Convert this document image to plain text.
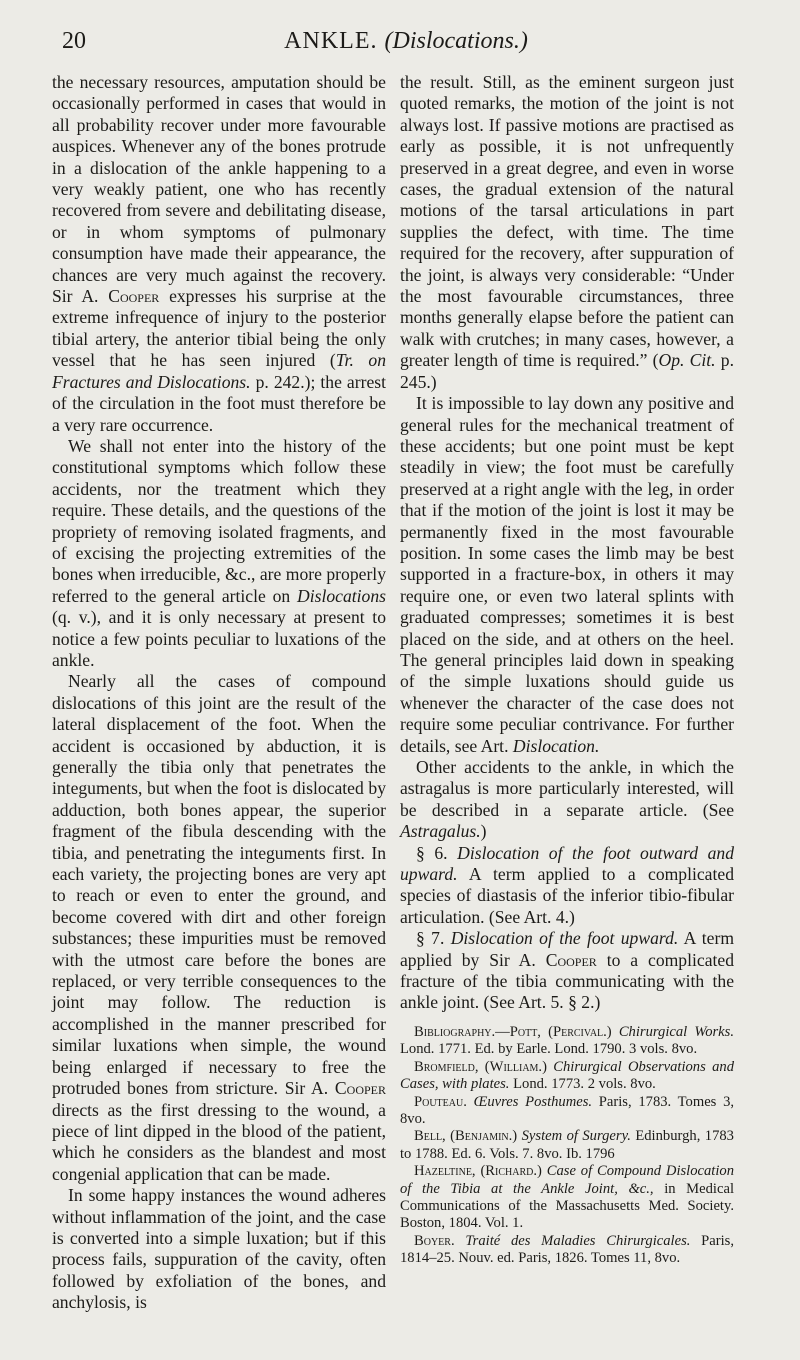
20	ANKLE. (Dislocations.)

the necessary resources, amputation should be occasionally performed in cases that would in all probability recover under more favourable auspices. Whenever any of the bones protrude in a dislocation of the ankle happening to a very weakly patient, one who has recently recovered from severe and debilitating disease, or in whom symptoms of pulmonary consumption have made their appearance, the chances are very much against the recovery. Sir A. Cooper expresses his surprise at the extreme infrequence of injury to the posterior tibial artery, the anterior tibial being the only vessel that he has seen injured (Tr. on Fractures and Dislocations. p. 242.); the arrest of the circulation in the foot must therefore be a very rare occurrence.

We shall not enter into the history of the constitutional symptoms which follow these accidents, nor the treatment which they require. These details, and the questions of the propriety of removing isolated fragments, and of excising the projecting extremities of the bones when irreducible, &c., are more properly referred to the general article on Dislocations (q. v.), and it is only necessary at present to notice a few points peculiar to luxations of the ankle.

Nearly all the cases of compound dislocations of this joint are the result of the lateral displacement of the foot. When the accident is occasioned by abduction, it is generally the tibia only that penetrates the integuments, but when the foot is dislocated by adduction, both bones appear, the superior fragment of the fibula descending with the tibia, and penetrating the integuments first. In each variety, the projecting bones are very apt to reach or even to enter the ground, and become covered with dirt and other foreign substances; these impurities must be removed with the utmost care before the bones are replaced, or very terrible consequences to the joint may follow. The reduction is accomplished in the manner prescribed for similar luxations when simple, the wound being enlarged if necessary to free the protruded bones from stricture. Sir A. Cooper directs as the first dressing to the wound, a piece of lint dipped in the blood of the patient, which he considers as the blandest and most congenial application that can be made.

In some happy instances the wound adheres without inflammation of the joint, and the case is converted into a simple luxation; but if this process fails, suppuration of the cavity, often followed by exfoliation of the bones, and anchylosis, is

the result. Still, as the eminent surgeon just quoted remarks, the motion of the joint is not always lost. If passive motions are practised as early as possible, it is not unfrequently preserved in a great degree, and even in worse cases, the gradual extension of the natural motions of the tarsal articulations in part supplies the defect, with time. The time required for the recovery, after suppuration of the joint, is always very considerable: “Under the most favourable circumstances, three months generally elapse before the patient can walk with crutches; in many cases, however, a greater length of time is required.” (Op. Cit. p. 245.)

It is impossible to lay down any positive and general rules for the mechanical treatment of these accidents; but one point must be kept steadily in view; the foot must be carefully preserved at a right angle with the leg, in order that if the motion of the joint is lost it may be permanently fixed in the most favourable position. In some cases the limb may be best supported in a fracture-box, in others it may require one, or even two lateral splints with graduated compresses; sometimes it is best placed on the side, and at others on the heel. The general principles laid down in speaking of the simple luxations should guide us whenever the character of the case does not require some peculiar contrivance. For further details, see Art. Dislocation.

Other accidents to the ankle, in which the astragalus is more particularly interested, will be described in a separate article. (See Astragalus.)

§ 6. Dislocation of the foot outward and upward. A term applied to a complicated species of diastasis of the inferior tibio-fibular articulation. (See Art. 4.)

§ 7. Dislocation of the foot upward. A term applied by Sir A. Cooper to a complicated fracture of the tibia communicating with the ankle joint. (See Art. 5. § 2.)

Bibliography.—Pott, (Percival.) Chirurgical Works. Lond. 1771. Ed. by Earle. Lond. 1790. 3 vols. 8vo.

Bromfield, (William.) Chirurgical Observations and Cases, with plates. Lond. 1773. 2 vols. 8vo.

Pouteau. Œuvres Posthumes. Paris, 1783. Tomes 3, 8vo.

Bell, (Benjamin.) System of Surgery. Edinburgh, 1783 to 1788. Ed. 6. Vols. 7. 8vo. Ib. 1796

Hazeltine, (Richard.) Case of Compound Dislocation of the Tibia at the Ankle Joint, &c., in Medical Communications of the Massachusetts Med. Society. Boston, 1804. Vol. 1.

Boyer. Traité des Maladies Chirurgicales. Paris, 1814–25. Nouv. ed. Paris, 1826. Tomes 11, 8vo.
